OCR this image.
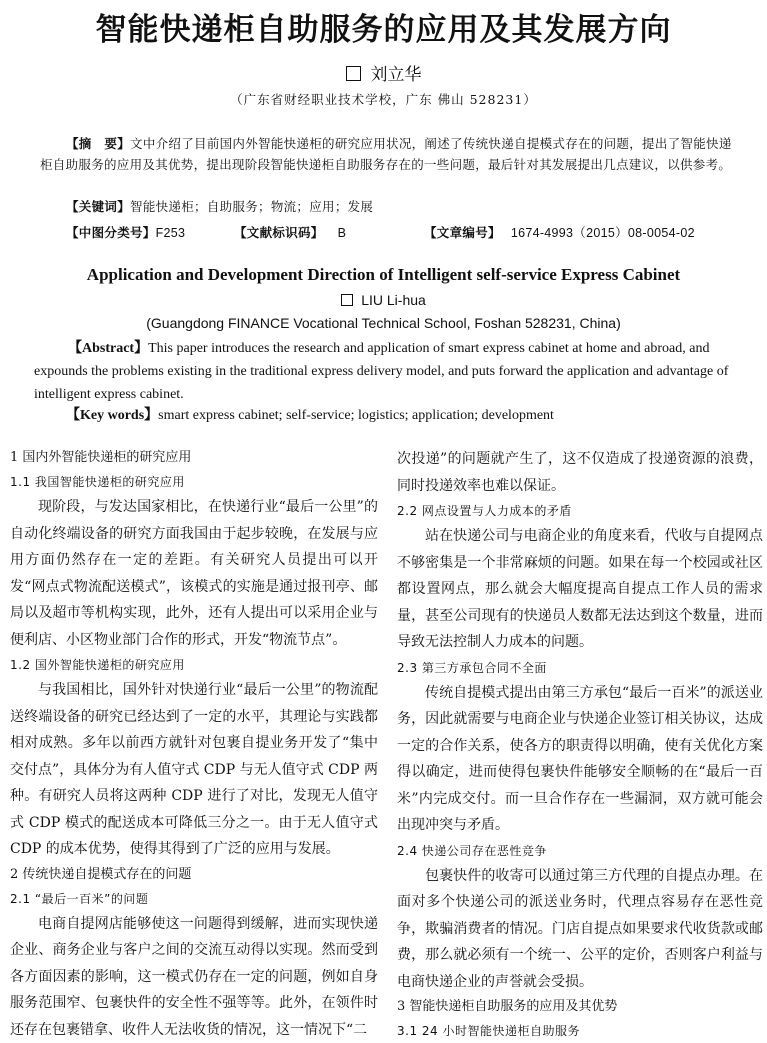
智能快递柜自助服务的应用及其发展方向
刘立华
（广东省财经职业技术学校，广东 佛山 528231）
【摘　要】文中介绍了目前国内外智能快递柜的研究应用状况，阐述了传统快递自提模式存在的问题，提出了智能快递柜自助服务的应用及其优势，提出现阶段智能快递柜自助服务存在的一些问题，最后针对其发展提出几点建议，以供参考。
【关键词】智能快递柜；自助服务；物流；应用；发展
【中图分类号】F253	【文献标识码】 B	【文章编号】 1674-4993（2015）08-0054-02
Application and Development Direction of Intelligent self-service Express Cabinet
LIU Li-hua
(Guangdong FINANCE Vocational Technical School, Foshan 528231, China)
【Abstract】This paper introduces the research and application of smart express cabinet at home and abroad, and expounds the problems existing in the traditional express delivery model, and puts forward the application and advantage of intelligent express cabinet.
【Key words】smart express cabinet; self-service; logistics; application; development
1 国内外智能快递柜的研究应用
1.1 我国智能快递柜的研究应用

现阶段，与发达国家相比，在快递行业“最后一公里”的自动化终端设备的研究方面我国由于起步较晚，在发展与应用方面仍然存在一定的差距。有关研究人员提出可以开发“网点式物流配送模式”，该模式的实施是通过报刊亭、邮局以及超市等机构实现，此外，还有人提出可以采用企业与便利店、小区物业部门合作的形式，开发“物流节点”。

1.2 国外智能快递柜的研究应用

与我国相比，国外针对快递行业“最后一公里”的物流配送终端设备的研究已经达到了一定的水平，其理论与实践都相对成熟。多年以前西方就针对包裹自提业务开发了“集中交付点”，具体分为有人值守式 CDP 与无人值守式 CDP 两种。有研究人员将这两种 CDP 进行了对比，发现无人值守式 CDP 模式的配送成本可降低三分之一。由于无人值守式 CDP 的成本优势，使得其得到了广泛的应用与发展。

2 传统快递自提模式存在的问题
2.1 “最后一百米”的问题

电商自提网店能够使这一问题得到缓解，进而实现快递企业、商务企业与客户之间的交流互动得以实现。然而受到各方面因素的影响，这一模式仍存在一定的问题，例如自身服务范围窄、包裹快件的安全性不强等等。此外，在领件时还存在包裹错拿、收件人无法收货的情况，这一情况下“二

次投递”的问题就产生了，这不仅造成了投递资源的浪费，同时投递效率也难以保证。

2.2 网点设置与人力成本的矛盾

站在快递公司与电商企业的角度来看，代收与自提网点不够密集是一个非常麻烦的问题。如果在每一个校园或社区都设置网点，那么就会大幅度提高自提点工作人员的需求量，甚至公司现有的快递员人数都无法达到这个数量，进而导致无法控制人力成本的问题。

2.3 第三方承包合同不全面

传统自提模式提出由第三方承包“最后一百米”的派送业务，因此就需要与电商企业与快递企业签订相关协议，达成一定的合作关系，使各方的职责得以明确，使有关优化方案得以确定，进而使得包裹快件能够安全顺畅的在“最后一百米”内完成交付。而一旦合作存在一些漏洞，双方就可能会出现冲突与矛盾。

2.4 快递公司存在恶性竞争

包裹快件的收寄可以通过第三方代理的自提点办理。在面对多个快递公司的派送业务时，代理点容易存在恶性竞争，欺骗消费者的情况。门店自提点如果要求代收货款或邮费，那么就必须有一个统一、公平的定价，否则客户利益与电商快递企业的声誉就会受损。

3 智能快递柜自助服务的应用及其优势
3.1 24 小时智能快递柜自助服务
